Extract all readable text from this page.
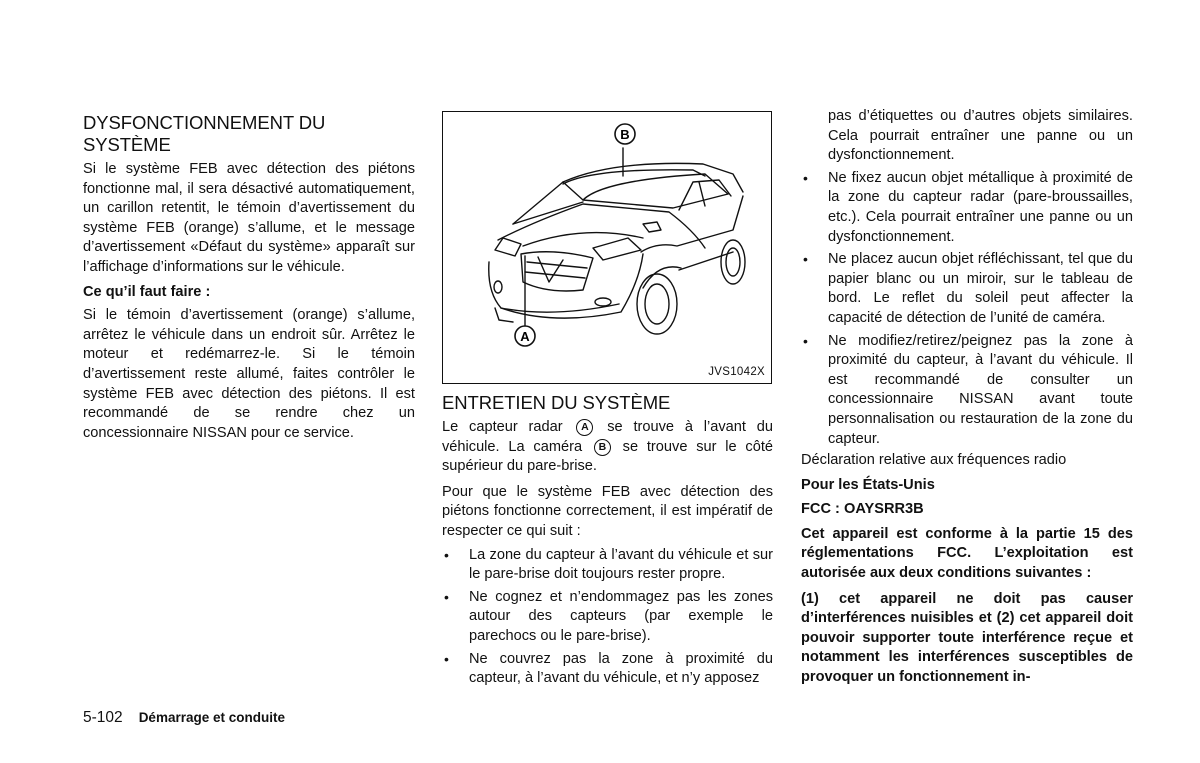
DYSFONCTIONNEMENT DU SYSTÈME

Si le système FEB avec détection des piétons fonctionne mal, il sera désactivé automatiquement, un carillon retentit, le témoin d’avertissement du système FEB (orange) s’allume, et le message d’avertissement «Défaut du système» apparaît sur l’affichage d’informations sur le véhicule.

Ce qu’il faut faire :

Si le témoin d’avertissement (orange) s’allume, arrêtez le véhicule dans un endroit sûr. Arrêtez le moteur et redémarrez-le. Si le témoin d’avertissement reste allumé, faites contrôler le système FEB avec détection des piétons. Il est recommandé de se rendre chez un concessionnaire NISSAN pour ce service.

B
A
JVS1042X
ENTRETIEN DU SYSTÈME

Le capteur radar A se trouve à l’avant du véhicule. La caméra B se trouve sur le côté supérieur du pare-brise.

Pour que le système FEB avec détection des piétons fonctionne correctement, il est impératif de respecter ce qui suit :

• La zone du capteur à l’avant du véhicule et sur le pare-brise doit toujours rester propre.
• Ne cognez et n’endommagez pas les zones autour des capteurs (par exemple le parechocs ou le pare-brise).
• Ne couvrez pas la zone à proximité du capteur, à l’avant du véhicule, et n’y apposez
pas d’étiquettes ou d’autres objets similaires. Cela pourrait entraîner une panne ou un dysfonctionnement.
• Ne fixez aucun objet métallique à proximité de la zone du capteur radar (pare-broussailles, etc.). Cela pourrait entraîner une panne ou un dysfonctionnement.
• Ne placez aucun objet réfléchissant, tel que du papier blanc ou un miroir, sur le tableau de bord. Le reflet du soleil peut affecter la capacité de détection de l’unité de caméra.
• Ne modifiez/retirez/peignez pas la zone à proximité du capteur, à l’avant du véhicule. Il est recommandé de consulter un concessionnaire NISSAN avant toute personnalisation ou restauration de la zone du capteur.

Déclaration relative aux fréquences radio

Pour les États-Unis

FCC : OAYSRR3B

Cet appareil est conforme à la partie 15 des réglementations FCC. L’exploitation est autorisée aux deux conditions suivantes :

(1) cet appareil ne doit pas causer d’interférences nuisibles et (2) cet appareil doit pouvoir supporter toute interférence reçue et notamment les interférences susceptibles de provoquer un fonctionnement in-

5-102 Démarrage et conduite
